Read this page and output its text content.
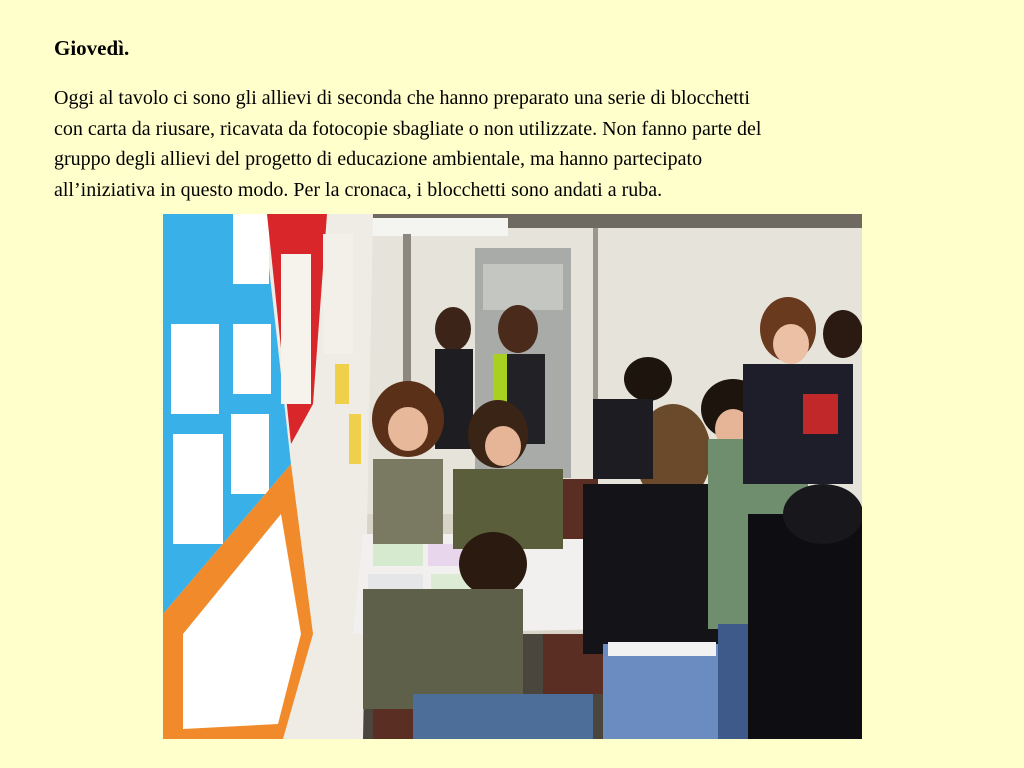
Giovedì.

Oggi al tavolo ci sono gli allievi di seconda che hanno preparato una serie di blocchetti
con carta da riusare, ricavata da fotocopie sbagliate o non utilizzate. Non fanno parte del
gruppo degli allievi del progetto di educazione ambientale, ma hanno partecipato
all’iniziativa in questo modo. Per la cronaca, i blocchetti sono andati a ruba.
